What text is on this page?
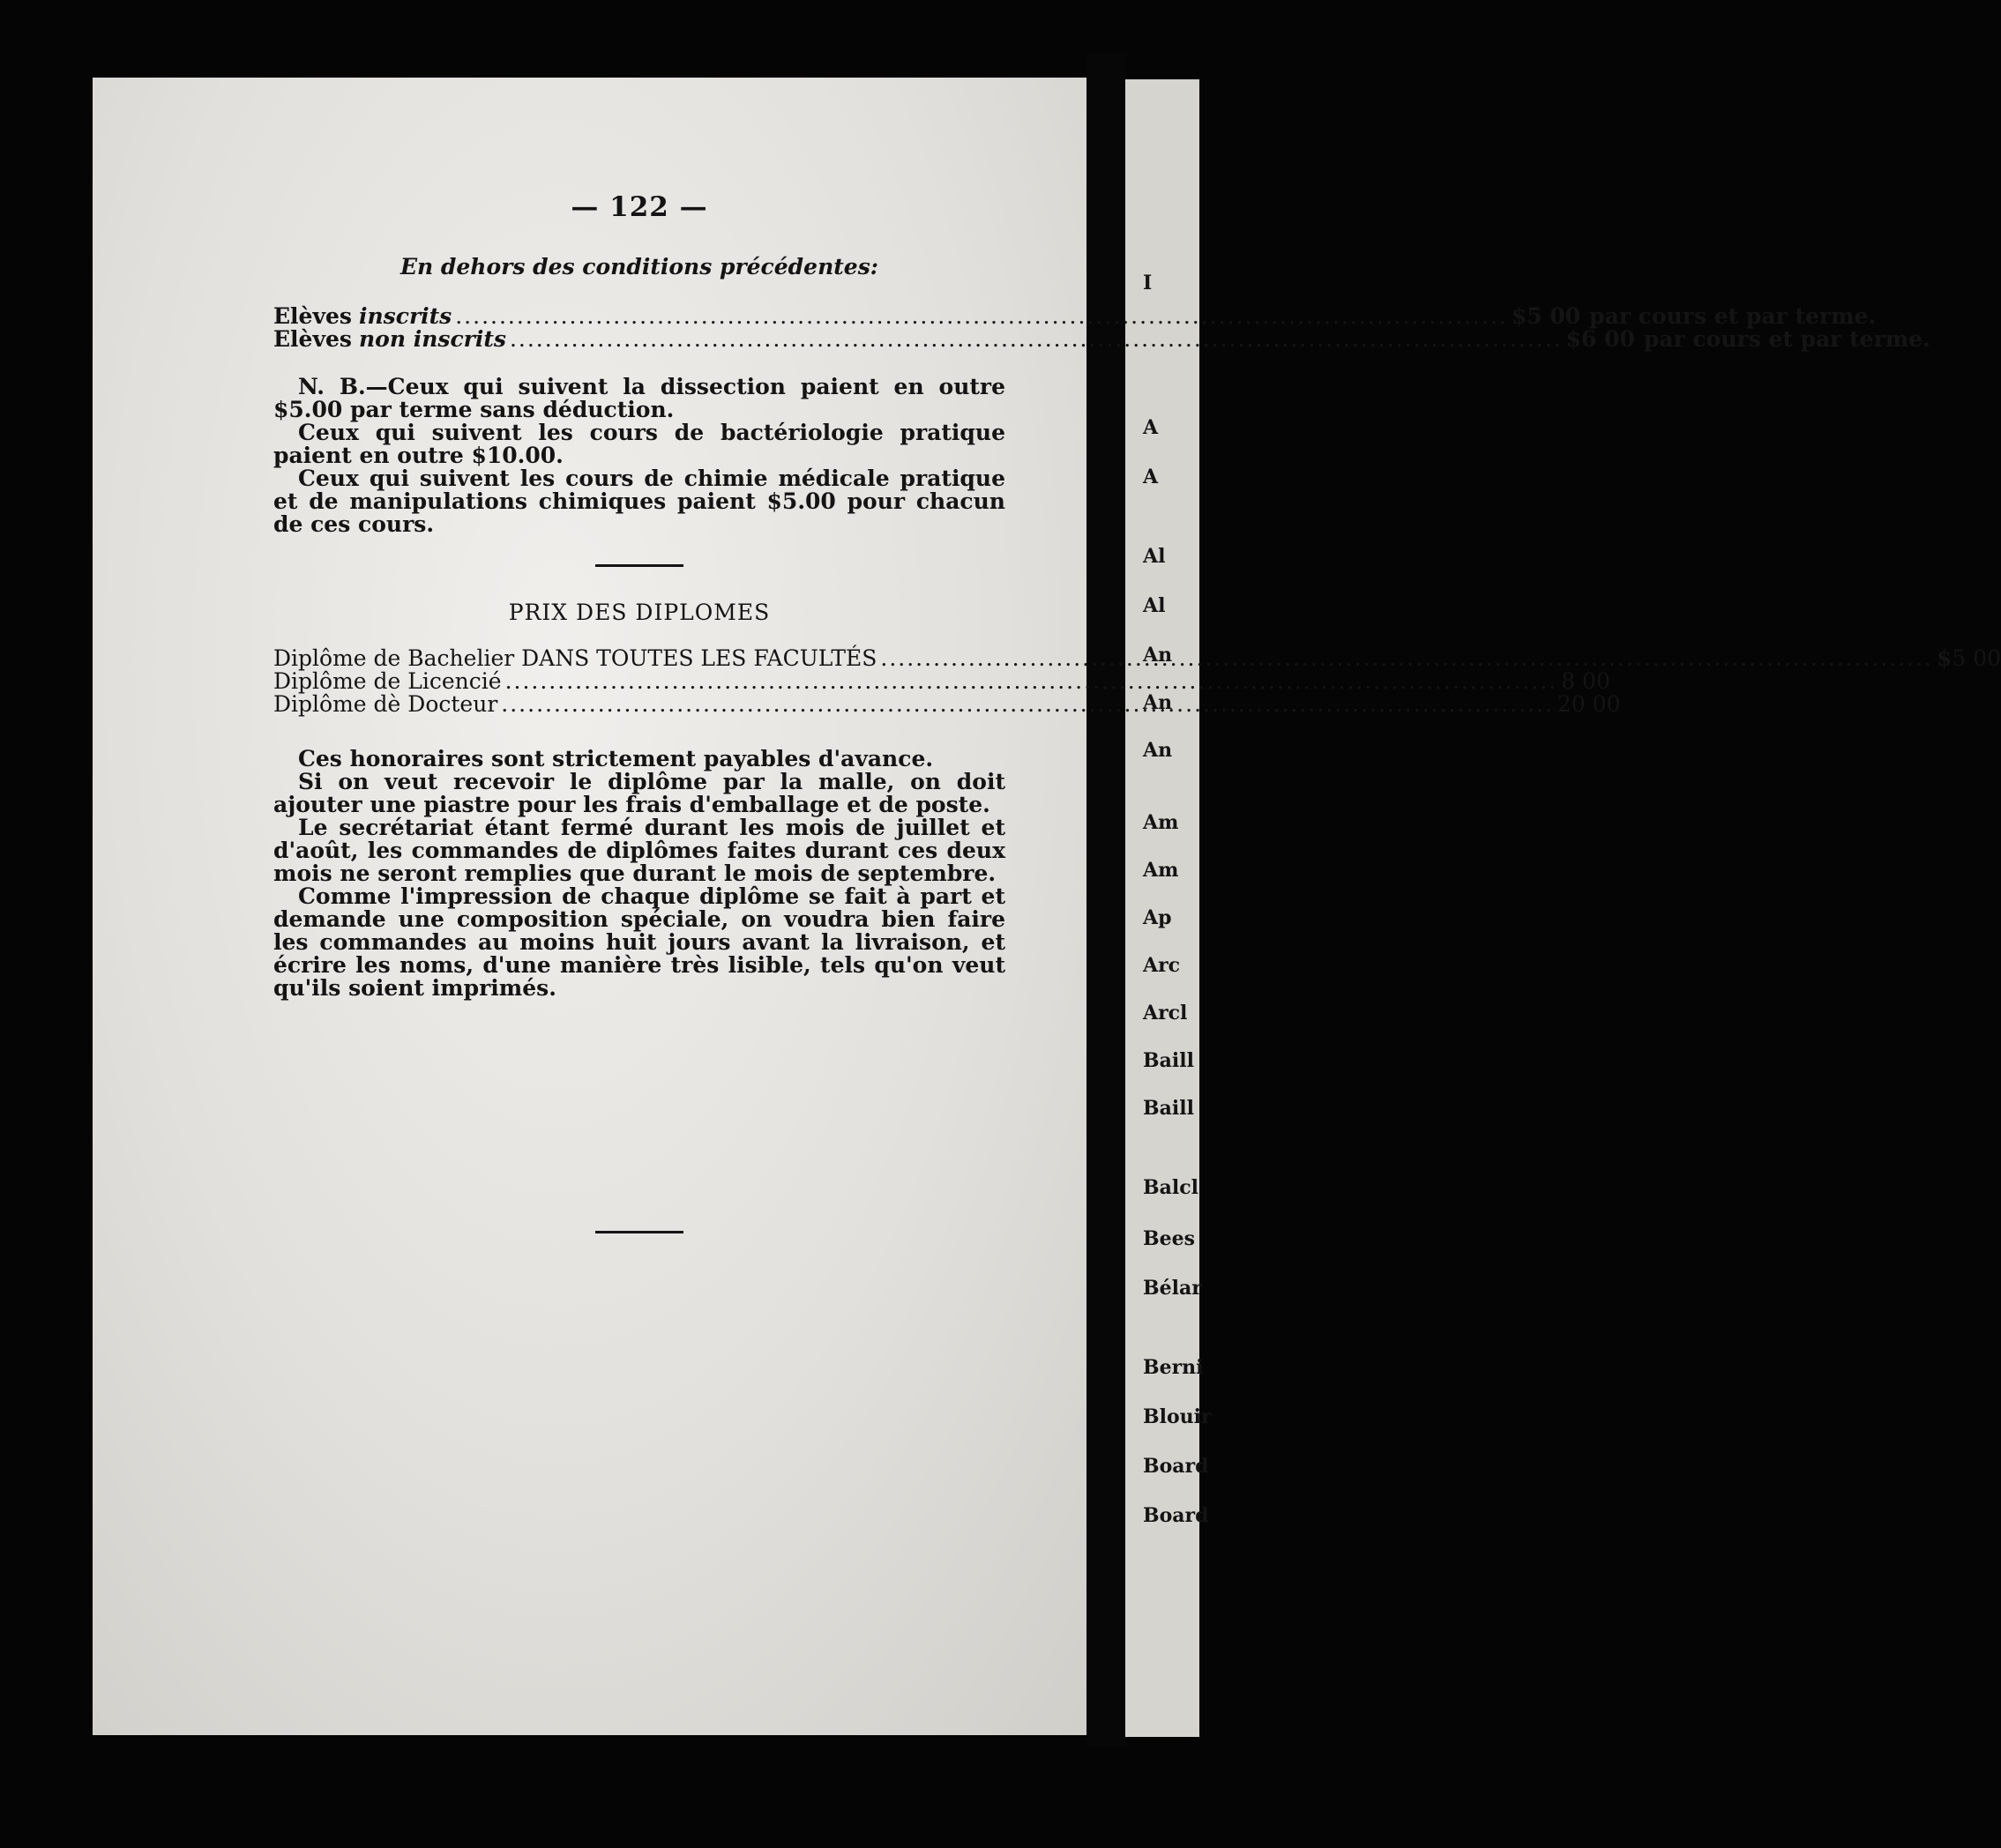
I
A
A
Al
Al
An
An
An
Am
Am
Ap
Arc
Arcl
Baill
Baill
Balcl
Bees
Bélar
Berni
Blouir
Board
Board
— 122 —
En dehors des conditions précédentes:
Elèves inscrits .....	$5 00 par cours et par terme.
Elèves non inscrits .....	$6 00 par cours et par terme.

N. B.—Ceux qui suivent la dissection paient en outre $5.00 par terme sans déduction.

Ceux qui suivent les cours de bactériologie pratique paient en outre $10.00.

Ceux qui suivent les cours de chimie médicale pratique et de manipulations chimiques paient $5.00 pour chacun de ces cours.

PRIX DES DIPLOMES
Diplôme de Bachelier DANS TOUTES LES FACULTÉS .....	$ 5 00
Diplôme de Licencié .....	8 00
Diplôme dè Docteur .....	20 00

Ces honoraires sont strictement payables d'avance.

Si on veut recevoir le diplôme par la malle, on doit ajouter une piastre pour les frais d'emballage et de poste.

Le secrétariat étant fermé durant les mois de juillet et d'août, les commandes de diplômes faites durant ces deux mois ne seront remplies que durant le mois de septembre.

Comme l'impression de chaque diplôme se fait à part et demande une composition spéciale, on voudra bien faire les commandes au moins huit jours avant la livraison, et écrire les noms, d'une manière très lisible, tels qu'on veut qu'ils soient imprimés.
